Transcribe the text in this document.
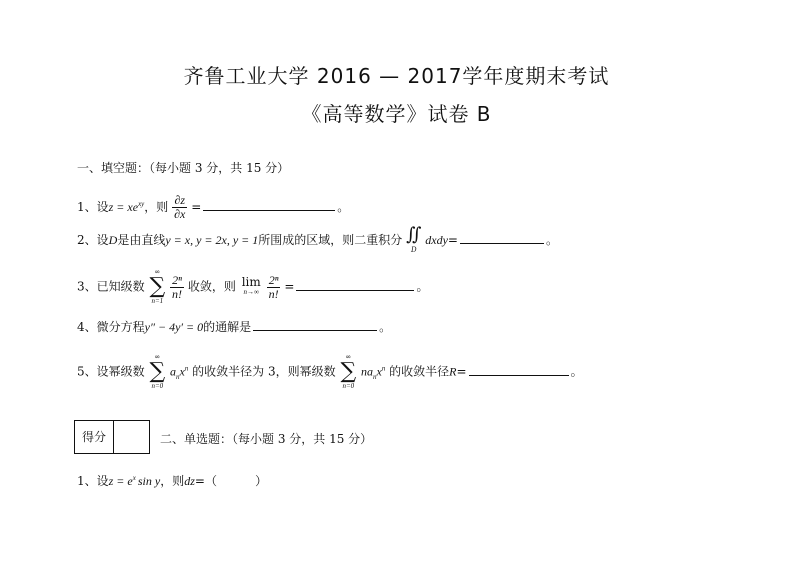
齐鲁工业大学 2016 — 2017学年度期末考试
《高等数学》试卷 B
一、填空题：（每小题 3 分，共 15 分）
1、设$z = xe^{xy}$，则 $\frac{\partial z}{\partial x}$ =	。
2、设D是由直线y = x, y = 2x, y = 1所围成的区域，则二重积分 ∬
D
dxdy=	。
3、已知级数
∞
∑
n=1

$\frac{\text{2ⁿ}}{n!}$ 收敛，则 lim
n→∞
$\frac{\text{2ⁿ}}{n!}$ =	。
4、微分方程y″ − 4y′ = 0的通解是	。
5、设幂级数
∞
∑
n=0
$a_nx^n$ 的收敛半径为 3，则幂级数
∞
∑
n=0
$na_nx^n$ 的收敛半径R=	。
得分	二、单选题：（每小题 3 分，共 15 分）
1、设$z = e^x$ sin y，则dz=（          ）
